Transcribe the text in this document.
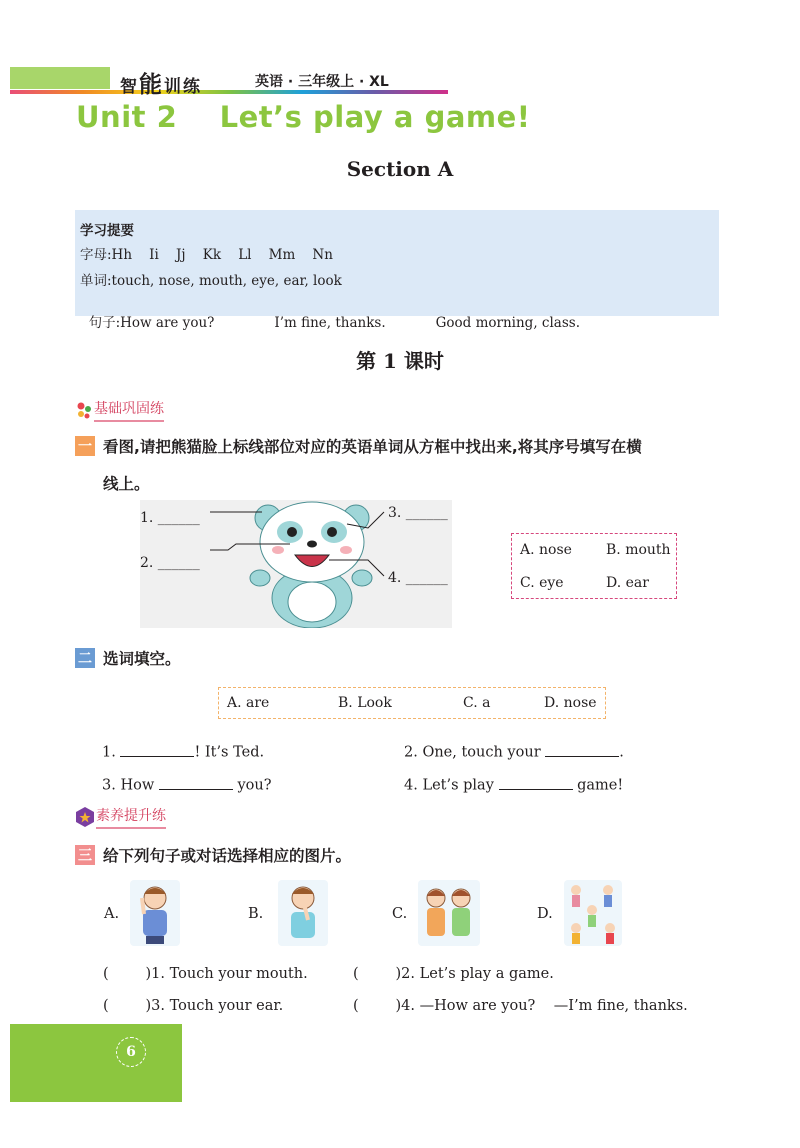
智能训练	英语 · 三年级上 · XL
Unit 2    Let’s play a game!
Section A
学习提要
字母:Hh    Ii    Jj    Kk    Ll    Mm    Nn
单词:touch, nose, mouth, eye, ear, look

句子:How are you?	I’m fine, thanks.	Good morning, class.

第 1 课时
基础巩固练
一 看图,请把熊猫脸上标线部位对应的英语单词从方框中找出来,将其序号填写在横
线上。
1. ______
2. ______
3. ______
4. ______
A. nose B. mouth
C. eye	D. ear
二 选词填空。
A. are	B. Look	C. a	D. nose
1.	! It’s Ted.	2. One, touch your	.
3. How	you?	4. Let’s play	game!
素养提升练
三 给下列句子或对话选择相应的图片。
A.	B.	C.	D.
(        )1. Touch your mouth.	(        )2. Let’s play a game.
(        )3. Touch your ear.	(        )4. —How are you?    —I’m fine, thanks.
6
